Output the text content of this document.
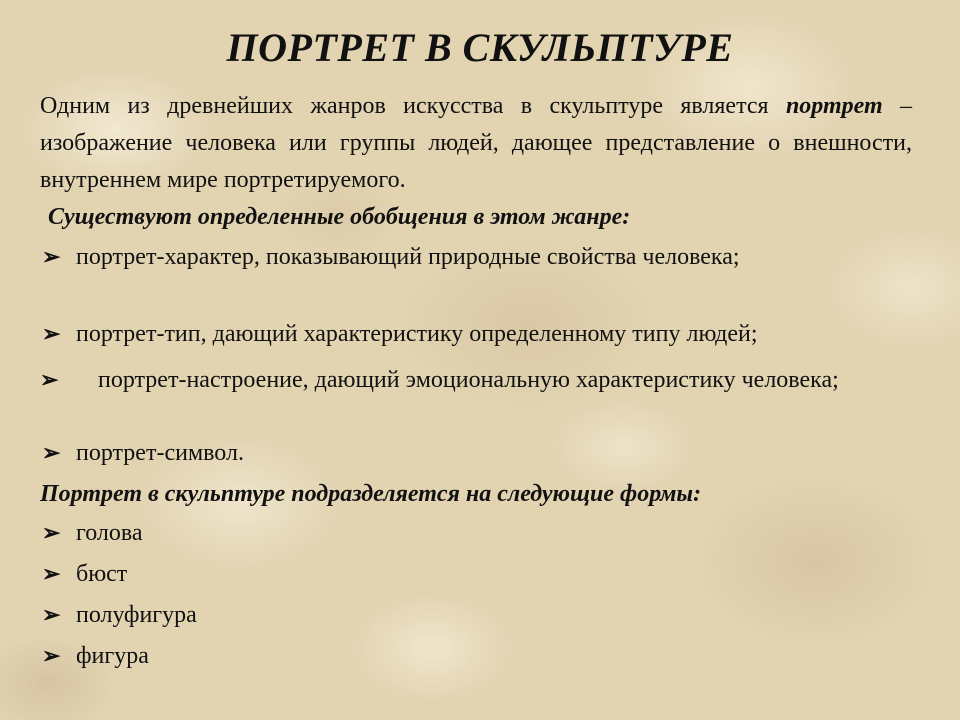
ПОРТРЕТ В СКУЛЬПТУРЕ
Одним из древнейших жанров искусства в скульптуре является портрет – изображение человека или группы людей, дающее представление о внешности, внутреннем мире портретируемого.
Существуют определенные обобщения в этом жанре:
➢ портрет-характер, показывающий природные свойства человека;
➢ портрет-тип, дающий характеристику определенному типу людей;
➢ портрет-настроение, дающий эмоциональную характеристику человека;
➢ портрет-символ.
Портрет в скульптуре подразделяется на следующие формы:
➢ голова
➢ бюст
➢ полуфигура
➢ фигура
